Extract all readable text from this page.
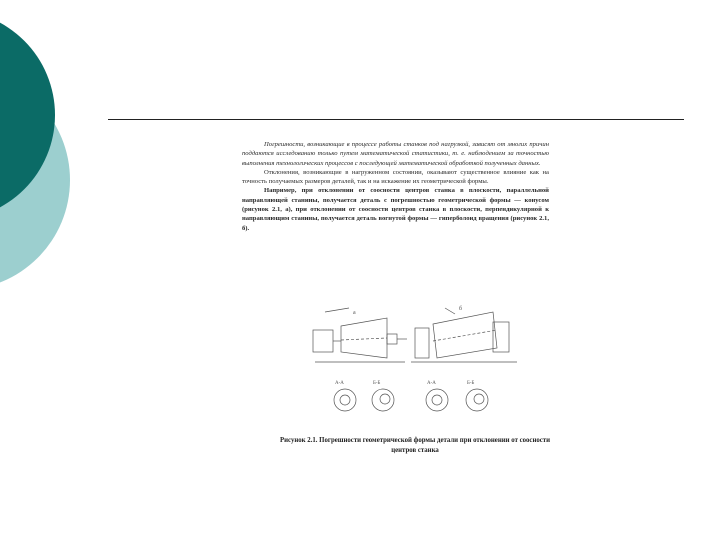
Погрешности, возникающие в процессе работы станков под нагрузкой, зависят от многих причин поддаются исследованию только путем математической статистики, т. е. наблюдением за точностью выполнения технологических процессов с последующей математической обработкой полученных данных.

Отклонения, возникающие в нагруженном состоянии, оказывают существенное влияние как на точность получаемых размеров деталей, так и на искажение их геометрической формы.

Например, при отклонении от соосности центров станка в плоскости, параллельной направляющей станины, получается деталь с погрешностью геометрической формы — конусом (рисунок 2.1, а), при отклонении от соосности центров станка в плоскости, перпендикулярной к направляющим станины, получается деталь вогнутой формы — гиперболоид вращения (рисунок 2.1, б).

а
б
А-А	Б-Б	А-А	Б-Б
Рисунок 2.1. Погрешности геометрической формы детали при отклонении от соосности центров станка
